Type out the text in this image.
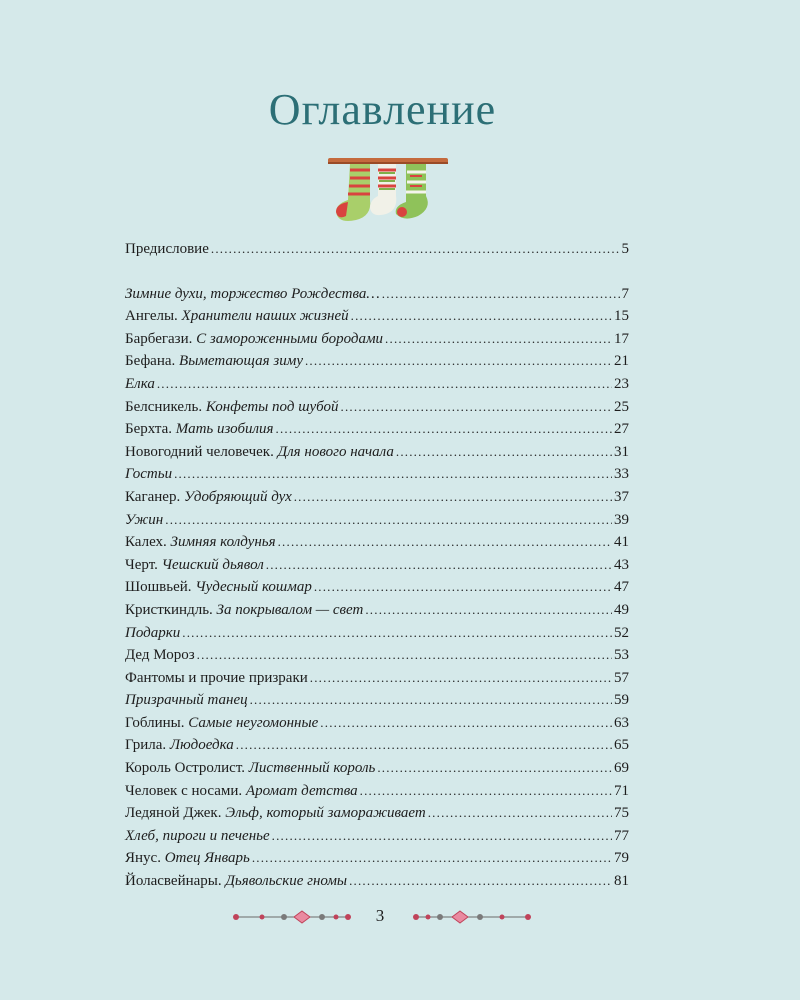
Оглавление
Предисловие .....	5
Зимние духи, торжество Рождества… .....	7
Ангелы. Хранители наших жизней .....	15
Барбегази. С замороженными бородами .....	17
Бефана. Выметающая зиму .....	21
Елка .....	23
Белсникель. Конфеты под шубой .....	25
Берхта. Мать изобилия .....	27
Новогодний человечек. Для нового начала .....	31
Гостьи .....	33
Каганер. Удобряющий дух .....	37
Ужин .....	39
Калех. Зимняя колдунья .....	41
Черт. Чешский дьявол .....	43
Шошвьей. Чудесный кошмар .....	47
Кристкиндль. За покрывалом — свет .....	49
Подарки .....	52
Дед Мороз .....	53
Фантомы и прочие призраки .....	57
Призрачный танец .....	59
Гоблины. Самые неугомонные .....	63
Грила. Людоедка .....	65
Король Остролист. Лиственный король .....	69
Человек с носами. Аромат детства .....	71
Ледяной Джек. Эльф, который замораживает .....	75
Хлеб, пироги и печенье .....	77
Янус. Отец Январь .....	79
Йоласвейнары. Дьявольские гномы .....	81
3
